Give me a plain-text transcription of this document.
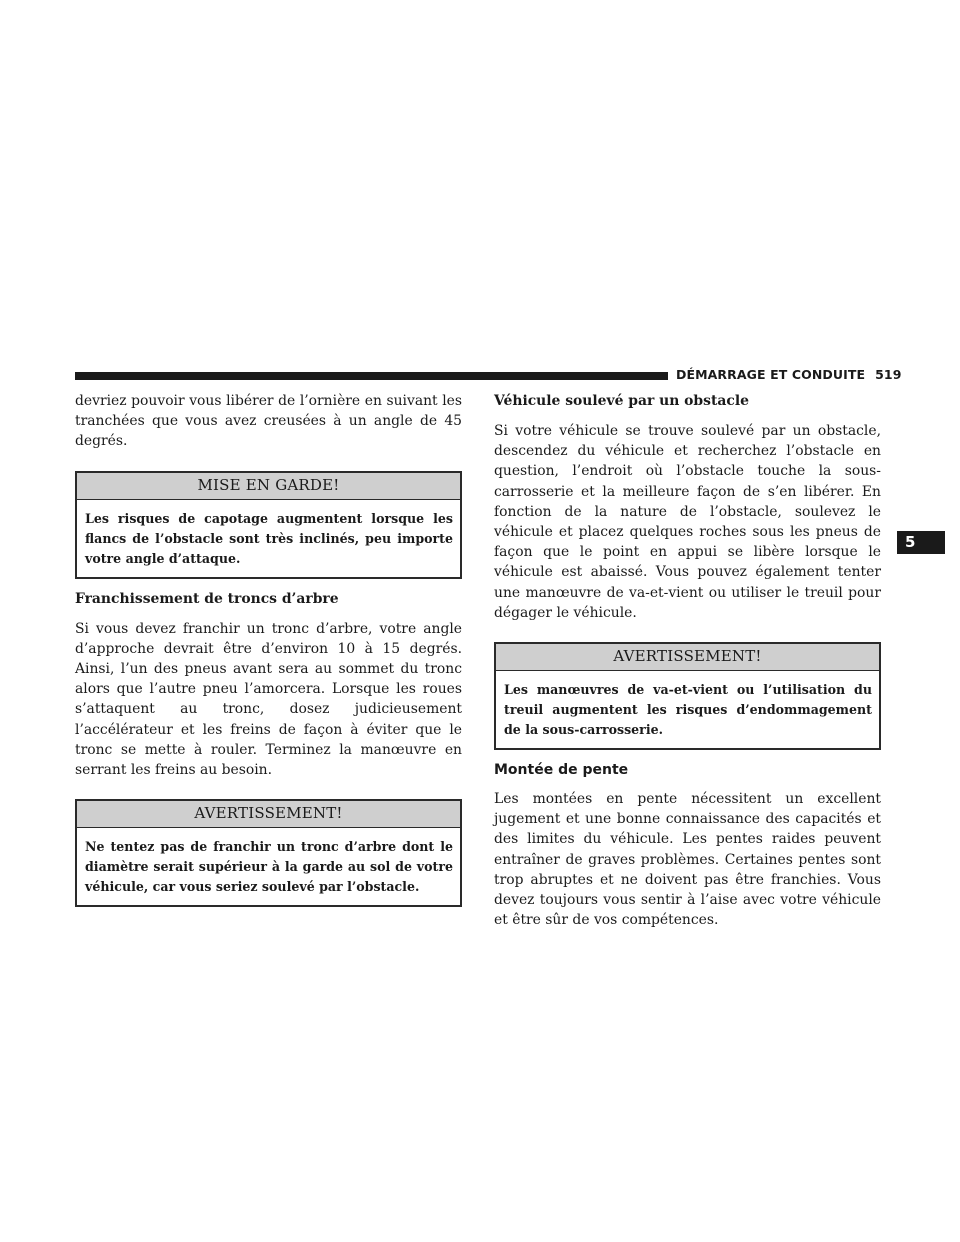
DÉMARRAGE ET CONDUITE 519
5

devriez pouvoir vous libérer de l’ornière en suivant les tranchées que vous avez creusées à un angle de 45 degrés.

MISE EN GARDE!
Les risques de capotage augmentent lorsque les flancs de l’obstacle sont très inclinés, peu importe votre angle d’attaque.
Franchissement de troncs d’arbre

Si vous devez franchir un tronc d’arbre, votre angle d’approche devrait être d’environ 10 à 15 degrés. Ainsi, l’un des pneus avant sera au sommet du tronc alors que l’autre pneu l’amorcera. Lorsque les roues s’attaquent au tronc, dosez judicieusement l’accélérateur et les freins de façon à éviter que le tronc se mette à rouler. Terminez la manœuvre en serrant les freins au besoin.

AVERTISSEMENT!
Ne tentez pas de franchir un tronc d’arbre dont le diamètre serait supérieur à la garde au sol de votre véhicule, car vous seriez soulevé par l’obstacle.
Véhicule soulevé par un obstacle

Si votre véhicule se trouve soulevé par un obstacle, descendez du véhicule et recherchez l’obstacle en question, l’endroit où l’obstacle touche la sous-carrosserie et la meilleure façon de s’en libérer. En fonction de la nature de l’obstacle, soulevez le véhicule et placez quelques roches sous les pneus de façon que le point en appui se libère lorsque le véhicule est abaissé. Vous pouvez également tenter une manœuvre de va-et-vient ou utiliser le treuil pour dégager le véhicule.

AVERTISSEMENT!
Les manœuvres de va-et-vient ou l’utilisation du treuil augmentent les risques d’endommagement de la sous-carrosserie.
Montée de pente

Les montées en pente nécessitent un excellent jugement et une bonne connaissance des capacités et des limites du véhicule. Les pentes raides peuvent entraîner de graves problèmes. Certaines pentes sont trop abruptes et ne doivent pas être franchies. Vous devez toujours vous sentir à l’aise avec votre véhicule et être sûr de vos compétences.
